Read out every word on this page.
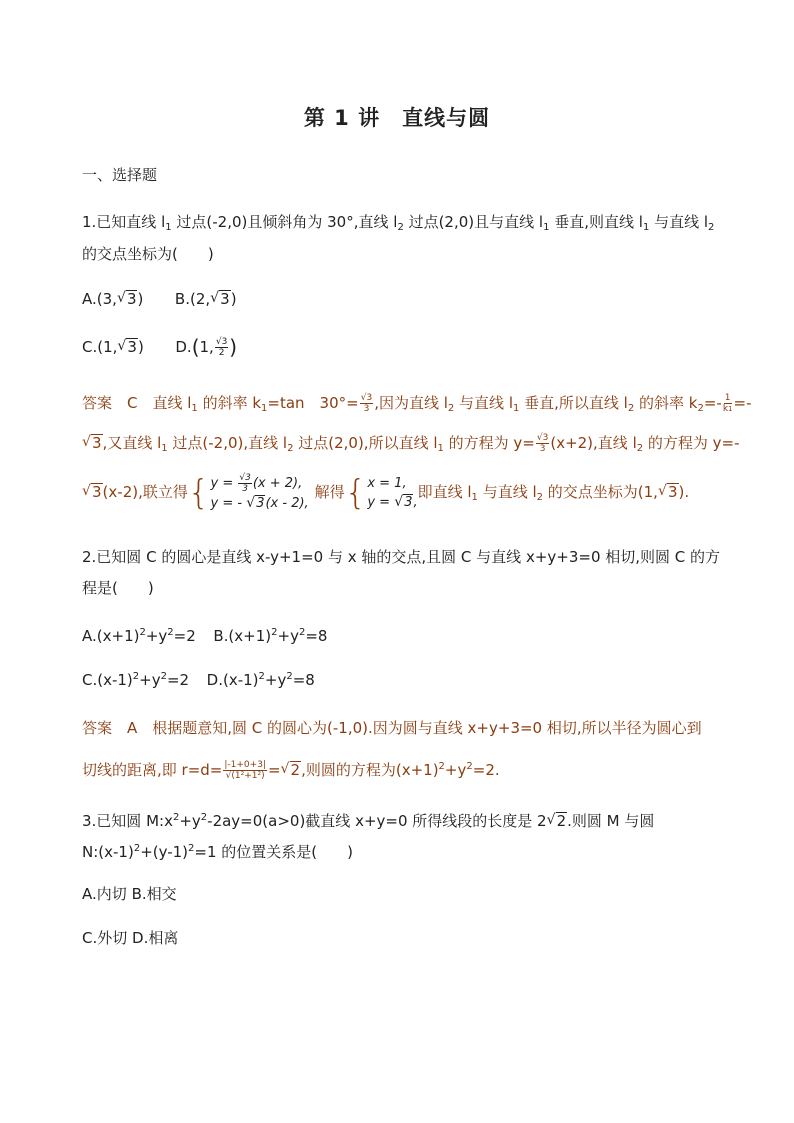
第 1 讲 直线与圆
一、选择题
1.已知直线 $l_1$ 过点(-2,0)且倾斜角为 30°,直线 $l_2$ 过点(2,0)且与直线 $l_1$ 垂直,则直线 $l_1$ 与直线 $l_2$
的交点坐标为(　　)
A.(3, √ 3) B.(2, √ 3)
C.(1, √ 3) D.(1, $\frac{√3}{2}$ )
答案　C　直线 $l_1$ 的斜率 $k_1=\tan$　$30^\circ= \frac{√3}{3}$ ,因为直线 $l_2$ 与直线 $l_1$ 垂直,所以直线 $l_2$ 的斜率 $k_2=- \frac{1}{k1}$ =-
√ 3,又直线 $l_1$ 过点(-2,0),直线 $l_2$ 过点(2,0),所以直线 $l_1$ 的方程为 $y= \frac{√3}{3} (x+2)$,直线 $l_2$ 的方程为 y=-
√ 3(x-2),联立得{ $y = \frac{√3}{3} (x + 2)$,
y = - √ 3(x - 2),
解得{ x = 1,
y = √ 3,
即直线 $l_1$ 与直线 $l_2$ 的交点坐标为(1, √ 3).
2.已知圆 C 的圆心是直线 x-y+1=0 与 x 轴的交点,且圆 C 与直线 x+y+3=0 相切,则圆 C 的方
程是(　　)
$A.(x+1)^2+y^2=2$ $B.(x+1)^2+y^2=8$
$C.(x-1)^2+y^2=2$ $D.(x-1)^2+y^2=8$
答案　A　根据题意知,圆 C 的圆心为(-1,0).因为圆与直线 x+y+3=0 相切,所以半径为圆心到
切线的距离,即 $r=d= \frac{|-1+0+3|}{\text{√(1²+1²)}}$ = √ 2,则圆的方程为$(x+1)^2+y^2=2$.
3.已知圆 $M:x^2+y^2-2ay=0(a>0)$截直线 x+y=0 所得线段的长度是 2 √ 2.则圆 M 与圆
$N:(x-1)^2+(y-1)^2=1$ 的位置关系是(　　)
A.内切 B.相交
C.外切 D.相离
